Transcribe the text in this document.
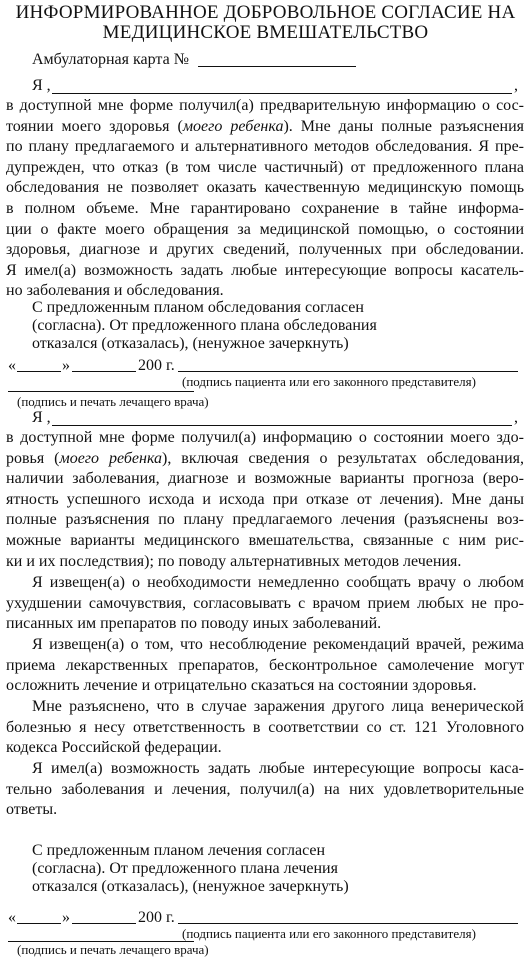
ИНФОРМИРОВАННОЕ ДОБРОВОЛЬНОЕ СОГЛАСИЕ НА
МЕДИЦИНСКОЕ ВМЕШАТЕЛЬСТВО
Амбулаторная карта №
Я ,	,
в доступной мне форме получил(а) предварительную информацию о сос-
тоянии моего здоровья (моего ребенка). Мне даны полные разъяснения
по плану предлагаемого и альтернативного методов обследования. Я пре-
дупрежден, что отказ (в том числе частичный) от предложенного плана
обследования не позволяет оказать качественную медицинскую помощь
в полном объеме. Мне гарантировано сохранение в тайне информа-
ции о факте моего обращения за медицинской помощью, о состоянии
здоровья, диагнозе и других сведений, полученных при обследовании.
Я имел(а) возможность задать любые интересующие вопросы касатель-
но заболевания и обследования.
С предложенным планом обследования согласен
(согласна). От предложенного плана обследования
отказался (отказалась), (ненужное зачеркнуть)
«	»	200 г.
(подпись пациента или его законного представителя)
(подпись и печать лечащего врача)
Я ,	,
в доступной мне форме получил(а) информацию о состоянии моего здо-
ровья (моего ребенка), включая сведения о результатах обследования,
наличии заболевания, диагнозе и возможные варианты прогноза (веро-
ятность успешного исхода и исхода при отказе от лечения). Мне даны
полные разъяснения по плану предлагаемого лечения (разъяснены воз-
можные варианты медицинского вмешательства, связанные с ним рис-
ки и их последствия); по поводу альтернативных методов лечения.
Я извещен(а) о необходимости немедленно сообщать врачу о любом
ухудшении самочувствия, согласовывать с врачом прием любых не про-
писанных им препаратов по поводу иных заболеваний.
Я извещен(а) о том, что несоблюдение рекомендаций врачей, режима
приема лекарственных препаратов, бесконтрольное самолечение могут
осложнить лечение и отрицательно сказаться на состоянии здоровья.
Мне разъяснено, что в случае заражения другого лица венерической
болезнью я несу ответственность в соответствии со ст. 121 Уголовного
кодекса Российской федерации.
Я имел(а) возможность задать любые интересующие вопросы каса-
тельно заболевания и лечения, получил(а) на них удовлетворительные
ответы.
С предложенным планом лечения согласен
(согласна). От предложенного плана лечения
отказался (отказалась), (ненужное зачеркнуть)
«	»	200 г.
(подпись пациента или его законного представителя)
(подпись и печать лечащего врача)
